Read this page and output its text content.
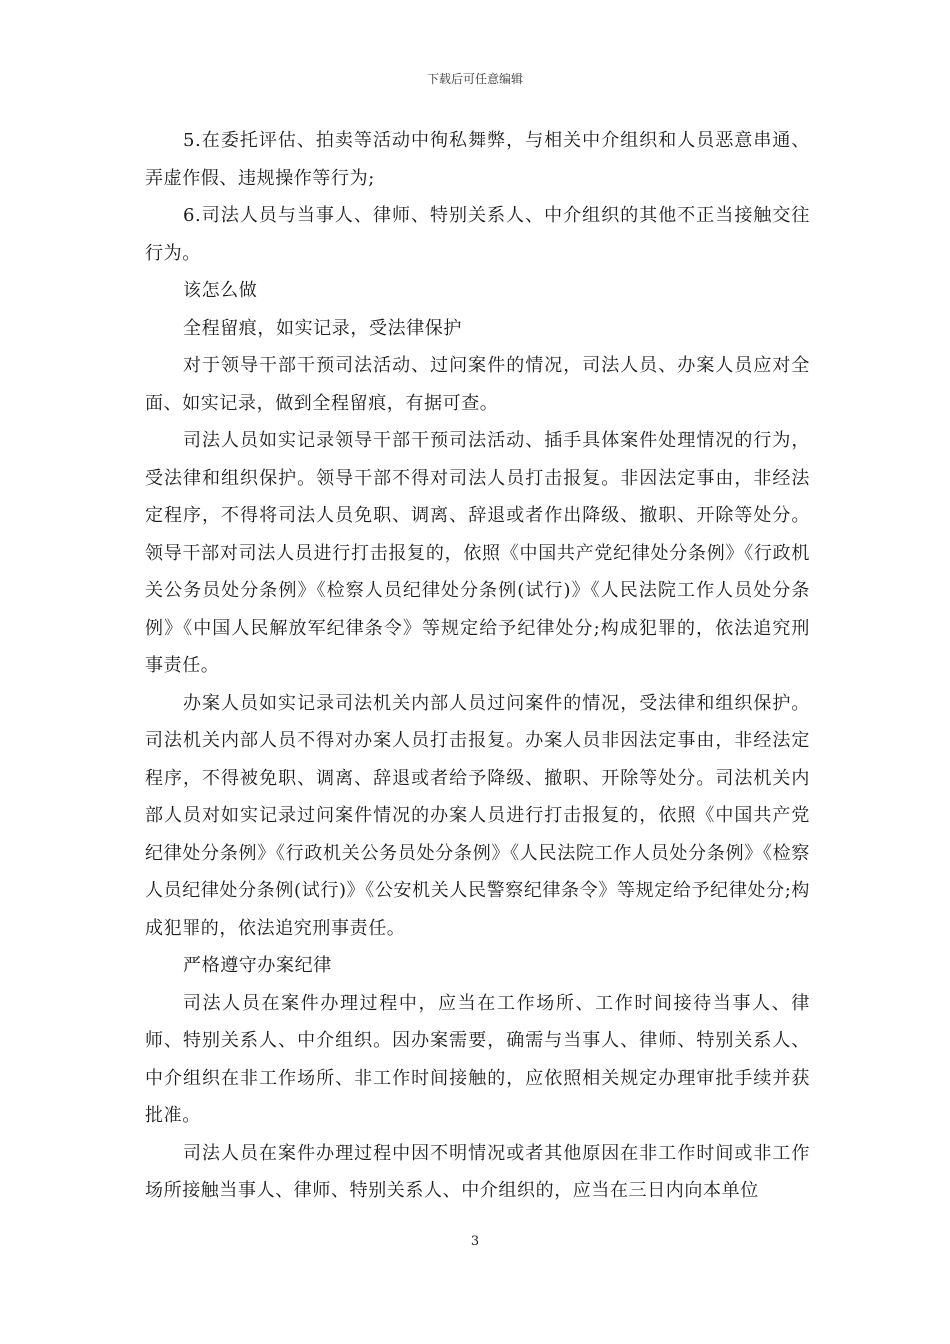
下载后可任意编辑

5.在委托评估、拍卖等活动中徇私舞弊，与相关中介组织和人员恶意串通、弄虚作假、违规操作等行为;

6.司法人员与当事人、律师、特别关系人、中介组织的其他不正当接触交往行为。

该怎么做

全程留痕，如实记录，受法律保护

对于领导干部干预司法活动、过问案件的情况，司法人员、办案人员应对全面、如实记录，做到全程留痕，有据可查。

司法人员如实记录领导干部干预司法活动、插手具体案件处理情况的行为，受法律和组织保护。领导干部不得对司法人员打击报复。非因法定事由，非经法定程序，不得将司法人员免职、调离、辞退或者作出降级、撤职、开除等处分。领导干部对司法人员进行打击报复的，依照《中国共产党纪律处分条例》《行政机关公务员处分条例》《检察人员纪律处分条例(试行)》《人民法院工作人员处分条例》《中国人民解放军纪律条令》等规定给予纪律处分;构成犯罪的，依法追究刑事责任。

办案人员如实记录司法机关内部人员过问案件的情况，受法律和组织保护。司法机关内部人员不得对办案人员打击报复。办案人员非因法定事由，非经法定程序，不得被免职、调离、辞退或者给予降级、撤职、开除等处分。司法机关内部人员对如实记录过问案件情况的办案人员进行打击报复的，依照《中国共产党纪律处分条例》《行政机关公务员处分条例》《人民法院工作人员处分条例》《检察人员纪律处分条例(试行)》《公安机关人民警察纪律条令》等规定给予纪律处分;构成犯罪的，依法追究刑事责任。

严格遵守办案纪律

司法人员在案件办理过程中，应当在工作场所、工作时间接待当事人、律师、特别关系人、中介组织。因办案需要，确需与当事人、律师、特别关系人、中介组织在非工作场所、非工作时间接触的，应依照相关规定办理审批手续并获批准。

司法人员在案件办理过程中因不明情况或者其他原因在非工作时间或非工作场所接触当事人、律师、特别关系人、中介组织的，应当在三日内向本单位

3
